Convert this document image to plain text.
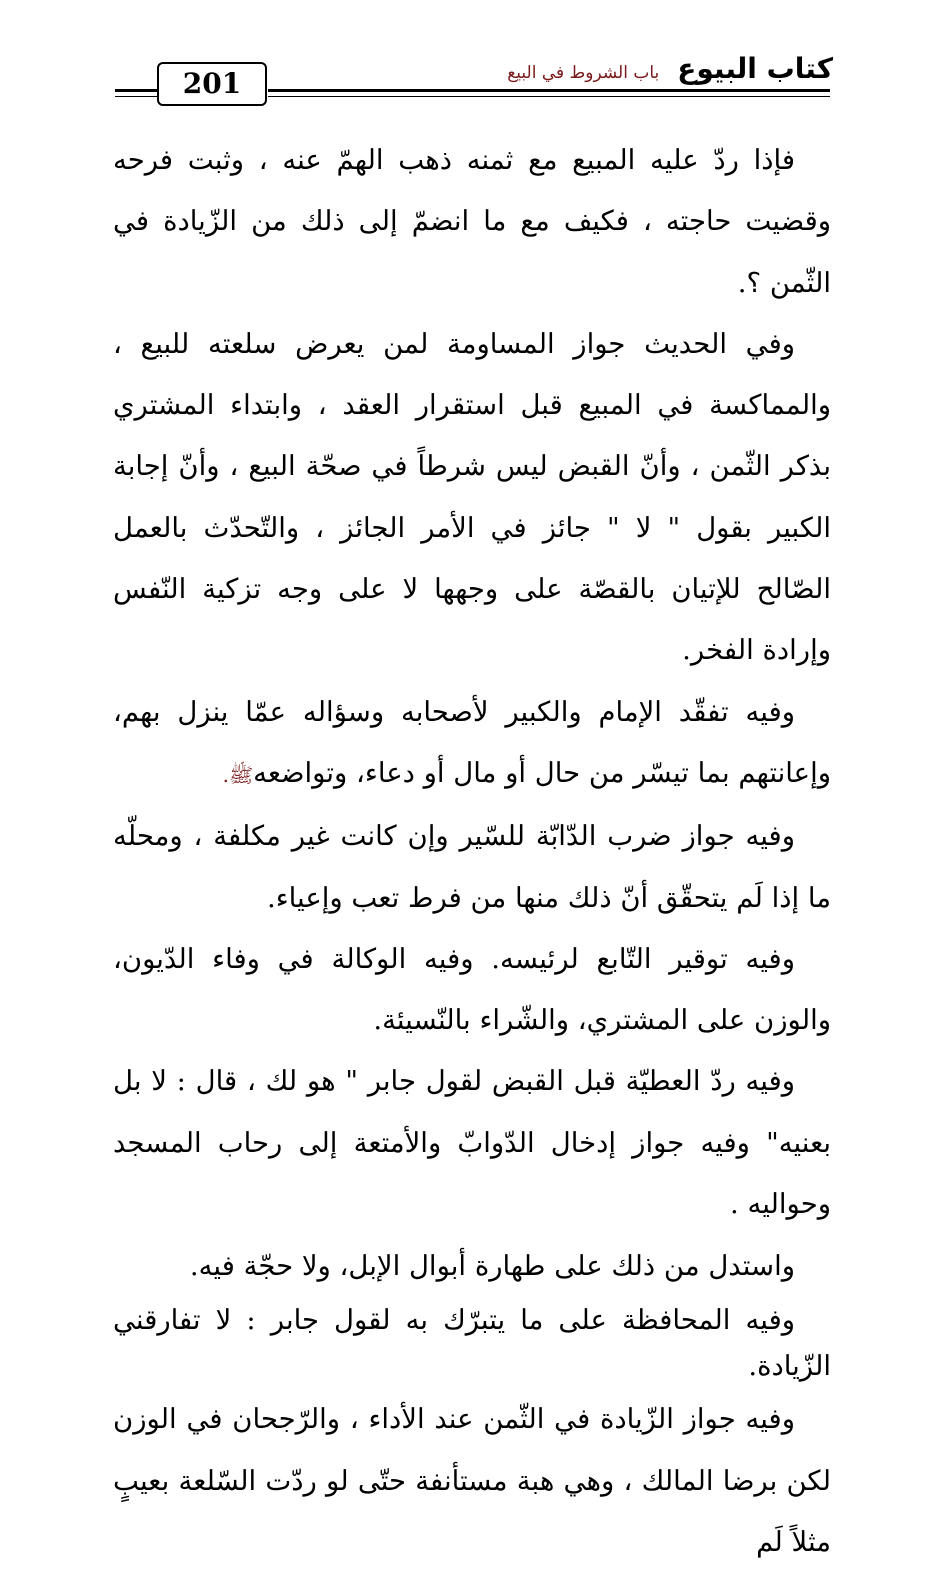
201	كتاب البيوع
باب الشروط في البيع

فإذا ردّ عليه المبيع مع ثمنه ذهب الهمّ عنه ، وثبت فرحه وقضيت حاجته ، فكيف مع ما انضمّ إلى ذلك من الزّيادة في الثّمن ؟.

وفي الحديث جواز المساومة لمن يعرض سلعته للبيع ، والمماكسة في المبيع قبل استقرار العقد ، وابتداء المشتري بذكر الثّمن ، وأنّ القبض ليس شرطاً في صحّة البيع ، وأنّ إجابة الكبير بقول " لا " جائز في الأمر الجائز ، والتّحدّث بالعمل الصّالح للإتيان بالقصّة على وجهها لا على وجه تزكية النّفس وإرادة الفخر.

وفيه تفقّد الإمام والكبير لأصحابه وسؤاله عمّا ينزل بهم، وإعانتهم بما تيسّر من حال أو مال أو دعاء، وتواضعهﷺ.

وفيه جواز ضرب الدّابّة للسّير وإن كانت غير مكلفة ، ومحلّه ما إذا لَم يتحقّق أنّ ذلك منها من فرط تعب وإعياء.

وفيه توقير التّابع لرئيسه. وفيه الوكالة في وفاء الدّيون، والوزن على المشتري، والشّراء بالنّسيئة.

وفيه ردّ العطيّة قبل القبض لقول جابر " هو لك ، قال : لا بل بعنيه" وفيه جواز إدخال الدّوابّ والأمتعة إلى رحاب المسجد وحواليه .

واستدل من ذلك على طهارة أبوال الإبل، ولا حجّة فيه.

وفيه المحافظة على ما يتبرّك به لقول جابر : لا تفارقني الزّيادة.

وفيه جواز الزّيادة في الثّمن عند الأداء ، والرّجحان في الوزن لكن برضا المالك ، وهي هبة مستأنفة حتّى لو ردّت السّلعة بعيبٍ مثلاً لَم
